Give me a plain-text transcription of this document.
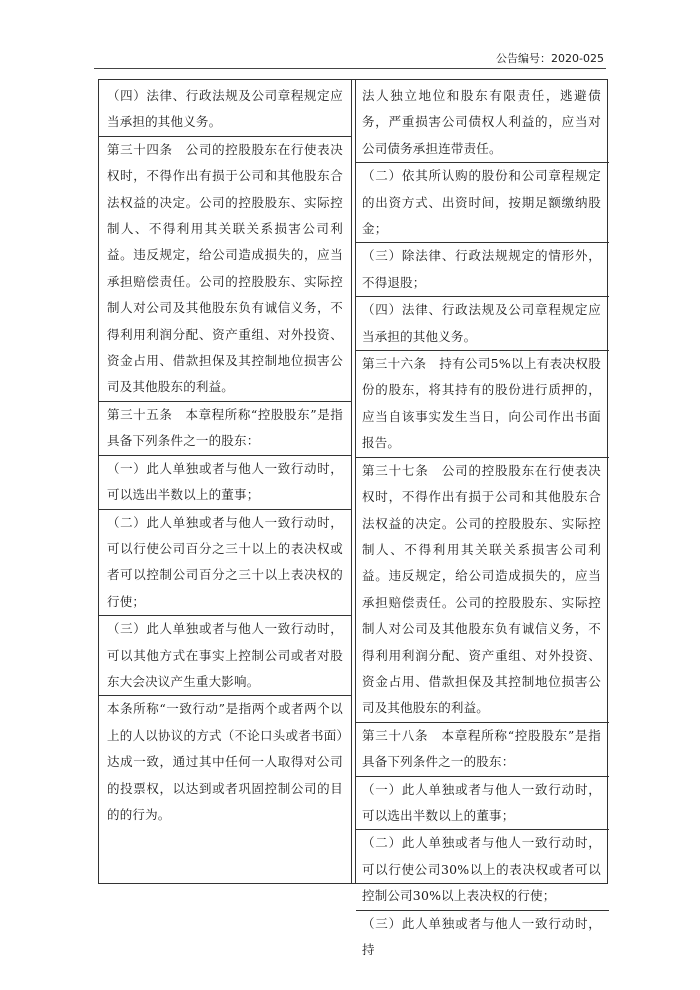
公告编号：2020-025

（四）法律、行政法规及公司章程规定应当承担的其他义务。

第三十四条　公司的控股股东在行使表决权时，不得作出有损于公司和其他股东合法权益的决定。公司的控股股东、实际控制人、不得利用其关联关系损害公司利益。违反规定，给公司造成损失的，应当承担赔偿责任。公司的控股股东、实际控制人对公司及其他股东负有诚信义务，不得利用利润分配、资产重组、对外投资、资金占用、借款担保及其控制地位损害公司及其他股东的利益。

第三十五条　本章程所称“控股股东”是指具备下列条件之一的股东：

（一）此人单独或者与他人一致行动时，可以选出半数以上的董事；

（二）此人单独或者与他人一致行动时，可以行使公司百分之三十以上的表决权或者可以控制公司百分之三十以上表决权的行使；

（三）此人单独或者与他人一致行动时，可以其他方式在事实上控制公司或者对股东大会决议产生重大影响。

本条所称“一致行动”是指两个或者两个以上的人以协议的方式（不论口头或者书面）达成一致，通过其中任何一人取得对公司的投票权，以达到或者巩固控制公司的目的的行为。

法人独立地位和股东有限责任，逃避债务，严重损害公司债权人利益的，应当对公司债务承担连带责任。

（二）依其所认购的股份和公司章程规定的出资方式、出资时间，按期足额缴纳股金；

（三）除法律、行政法规规定的情形外，不得退股；

（四）法律、行政法规及公司章程规定应当承担的其他义务。

第三十六条　持有公司5%以上有表决权股份的股东，将其持有的股份进行质押的，应当自该事实发生当日，向公司作出书面报告。

第三十七条　公司的控股股东在行使表决权时，不得作出有损于公司和其他股东合法权益的决定。公司的控股股东、实际控制人、不得利用其关联关系损害公司利益。违反规定，给公司造成损失的，应当承担赔偿责任。公司的控股股东、实际控制人对公司及其他股东负有诚信义务，不得利用利润分配、资产重组、对外投资、资金占用、借款担保及其控制地位损害公司及其他股东的利益。

第三十八条　本章程所称“控股股东”是指具备下列条件之一的股东：

（一）此人单独或者与他人一致行动时，可以选出半数以上的董事；

（二）此人单独或者与他人一致行动时，可以行使公司30%以上的表决权或者可以控制公司30%以上表决权的行使；

（三）此人单独或者与他人一致行动时，持
